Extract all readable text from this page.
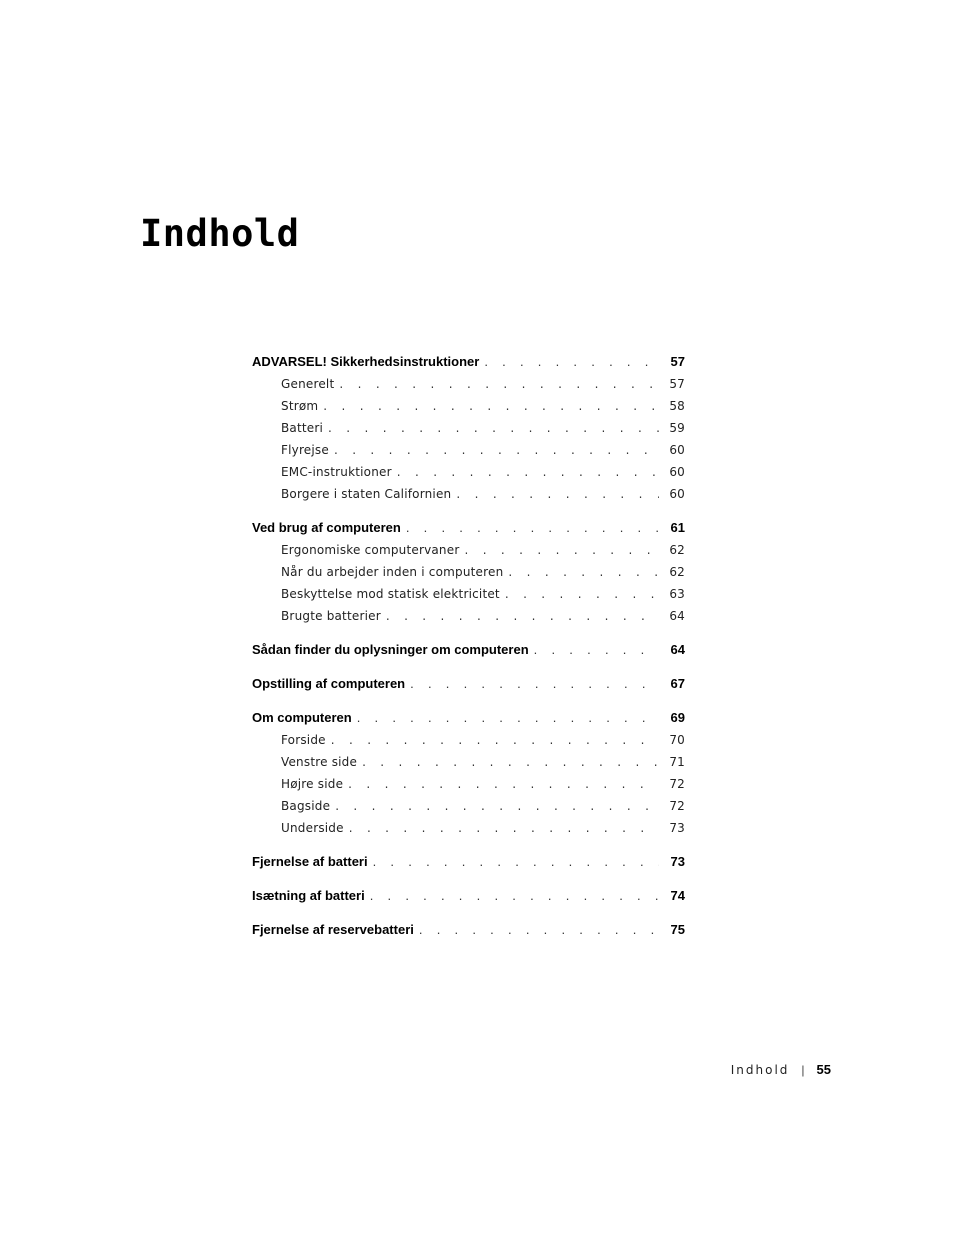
Indhold
ADVARSEL! Sikkerhedsinstruktioner . . .	57
Generelt . . .	57
Strøm . . .	58
Batteri . . .	59
Flyrejse . . .	60
EMC-instruktioner . . .	60
Borgere i staten Californien . . .	60
Ved brug af computeren . . .	61
Ergonomiske computervaner . . .	62
Når du arbejder inden i computeren . . .	62
Beskyttelse mod statisk elektricitet . . .	63
Brugte batterier . . .	64
Sådan finder du oplysninger om computeren . . .	64
Opstilling af computeren . . .	67
Om computeren . . .	69
Forside . . .	70
Venstre side . . .	71
Højre side . . .	72
Bagside . . .	72
Underside . . .	73
Fjernelse af batteri . . .	73
Isætning af batteri . . .	74
Fjernelse af reservebatteri . . .	75
Indhold | 55
